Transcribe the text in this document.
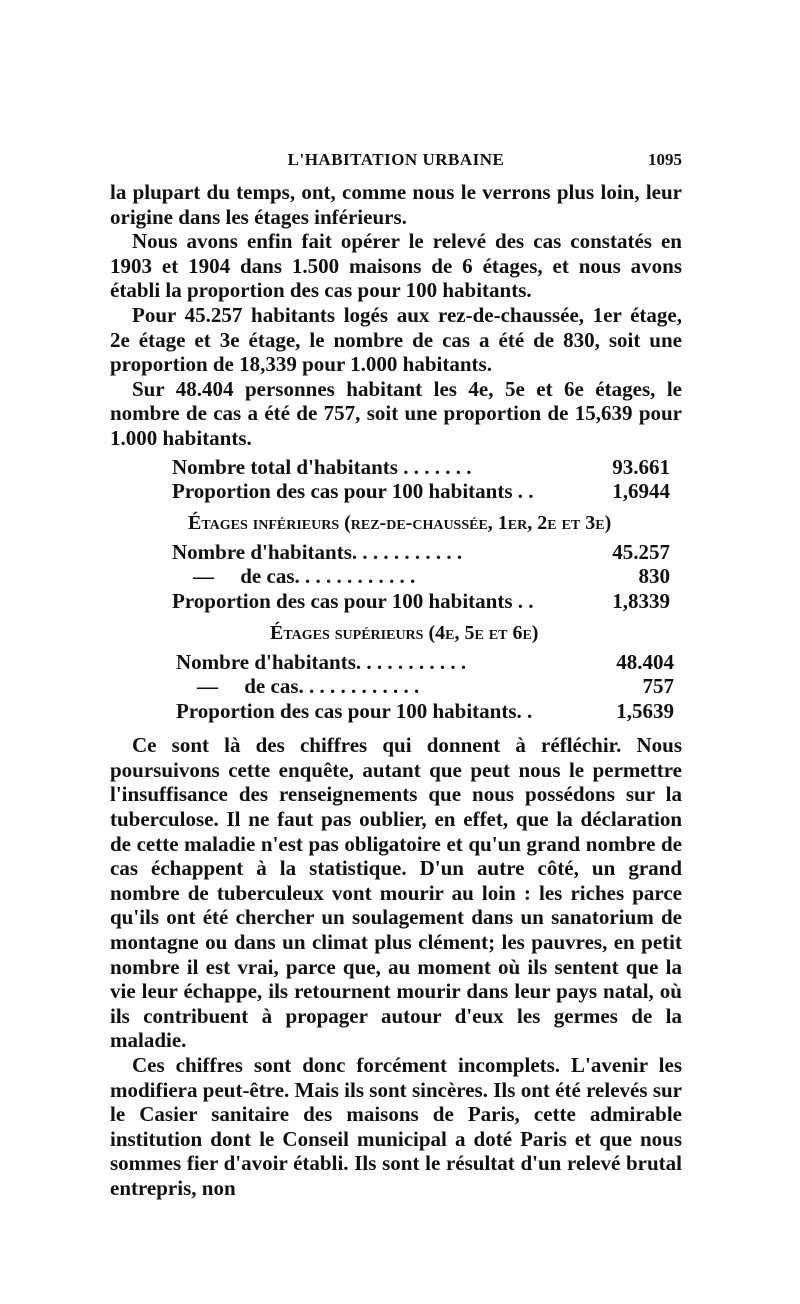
L'HABITATION URBAINE	1095

la plupart du temps, ont, comme nous le verrons plus loin, leur origine dans les étages inférieurs.

Nous avons enfin fait opérer le relevé des cas constatés en 1903 et 1904 dans 1.500 maisons de 6 étages, et nous avons établi la proportion des cas pour 100 habitants.

Pour 45.257 habitants logés aux rez-de-chaussée, 1er étage, 2e étage et 3e étage, le nombre de cas a été de 830, soit une proportion de 18,339 pour 1.000 habitants.

Sur 48.404 personnes habitant les 4e, 5e et 6e étages, le nombre de cas a été de 757, soit une proportion de 15,639 pour 1.000 habitants.

Nombre total d'habitants . . . . . . .	93.661
Proportion des cas pour 100 habitants . .	1,6944
Étages inférieurs (rez-de-chaussée, 1er, 2e et 3e)
Nombre d'habitants. . . . . . . . . . .	45.257
—     de cas. . . . . . . . . . . .	830
Proportion des cas pour 100 habitants . .	1,8339
Étages supérieurs (4e, 5e et 6e)
Nombre d'habitants. . . . . . . . . . .	48.404
—     de cas. . . . . . . . . . . .	757
Proportion des cas pour 100 habitants. .	1,5639

Ce sont là des chiffres qui donnent à réfléchir. Nous poursuivons cette enquête, autant que peut nous le permettre l'insuffisance des renseignements que nous possédons sur la tuberculose. Il ne faut pas oublier, en effet, que la déclaration de cette maladie n'est pas obligatoire et qu'un grand nombre de cas échappent à la statistique. D'un autre côté, un grand nombre de tuberculeux vont mourir au loin : les riches parce qu'ils ont été chercher un soulagement dans un sanatorium de montagne ou dans un climat plus clément; les pauvres, en petit nombre il est vrai, parce que, au moment où ils sentent que la vie leur échappe, ils retournent mourir dans leur pays natal, où ils contribuent à propager autour d'eux les germes de la maladie.

Ces chiffres sont donc forcément incomplets. L'avenir les modifiera peut-être. Mais ils sont sincères. Ils ont été relevés sur le Casier sanitaire des maisons de Paris, cette admirable institution dont le Conseil municipal a doté Paris et que nous sommes fier d'avoir établi. Ils sont le résultat d'un relevé brutal entrepris, non
